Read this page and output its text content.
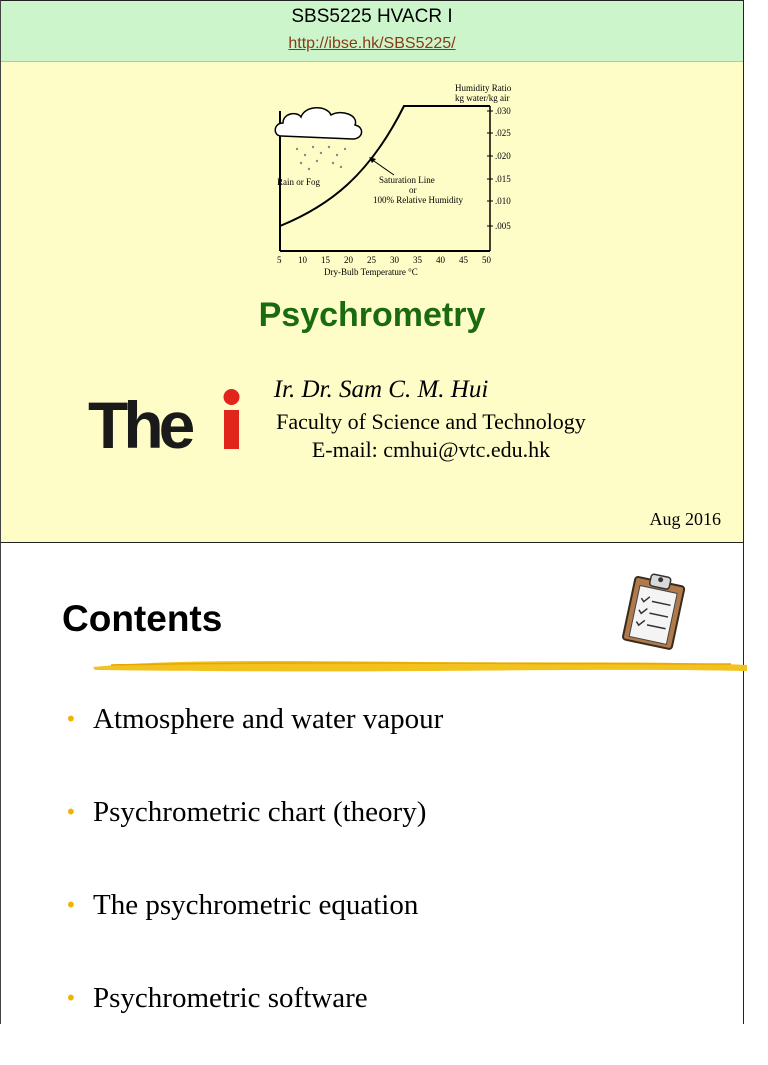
SBS5225 HVACR I
http://ibse.hk/SBS5225/
Humidity Ratio
kg water/kg air
.030
.025
.020
.015
.010
.005
5 10 15 20 25 30 35 40 45 50
Dry-Bulb Temperature °C
Rain or Fog	Saturation Line
or
100% Relative Humidity
Psychrometry
The	Ir. Dr. Sam C. M. Hui
Faculty of Science and Technology
E-mail: cmhui@vtc.edu.hk
Aug 2016
Contents
• Atmosphere and water vapour
• Psychrometric chart (theory)
• The psychrometric equation
• Psychrometric software
